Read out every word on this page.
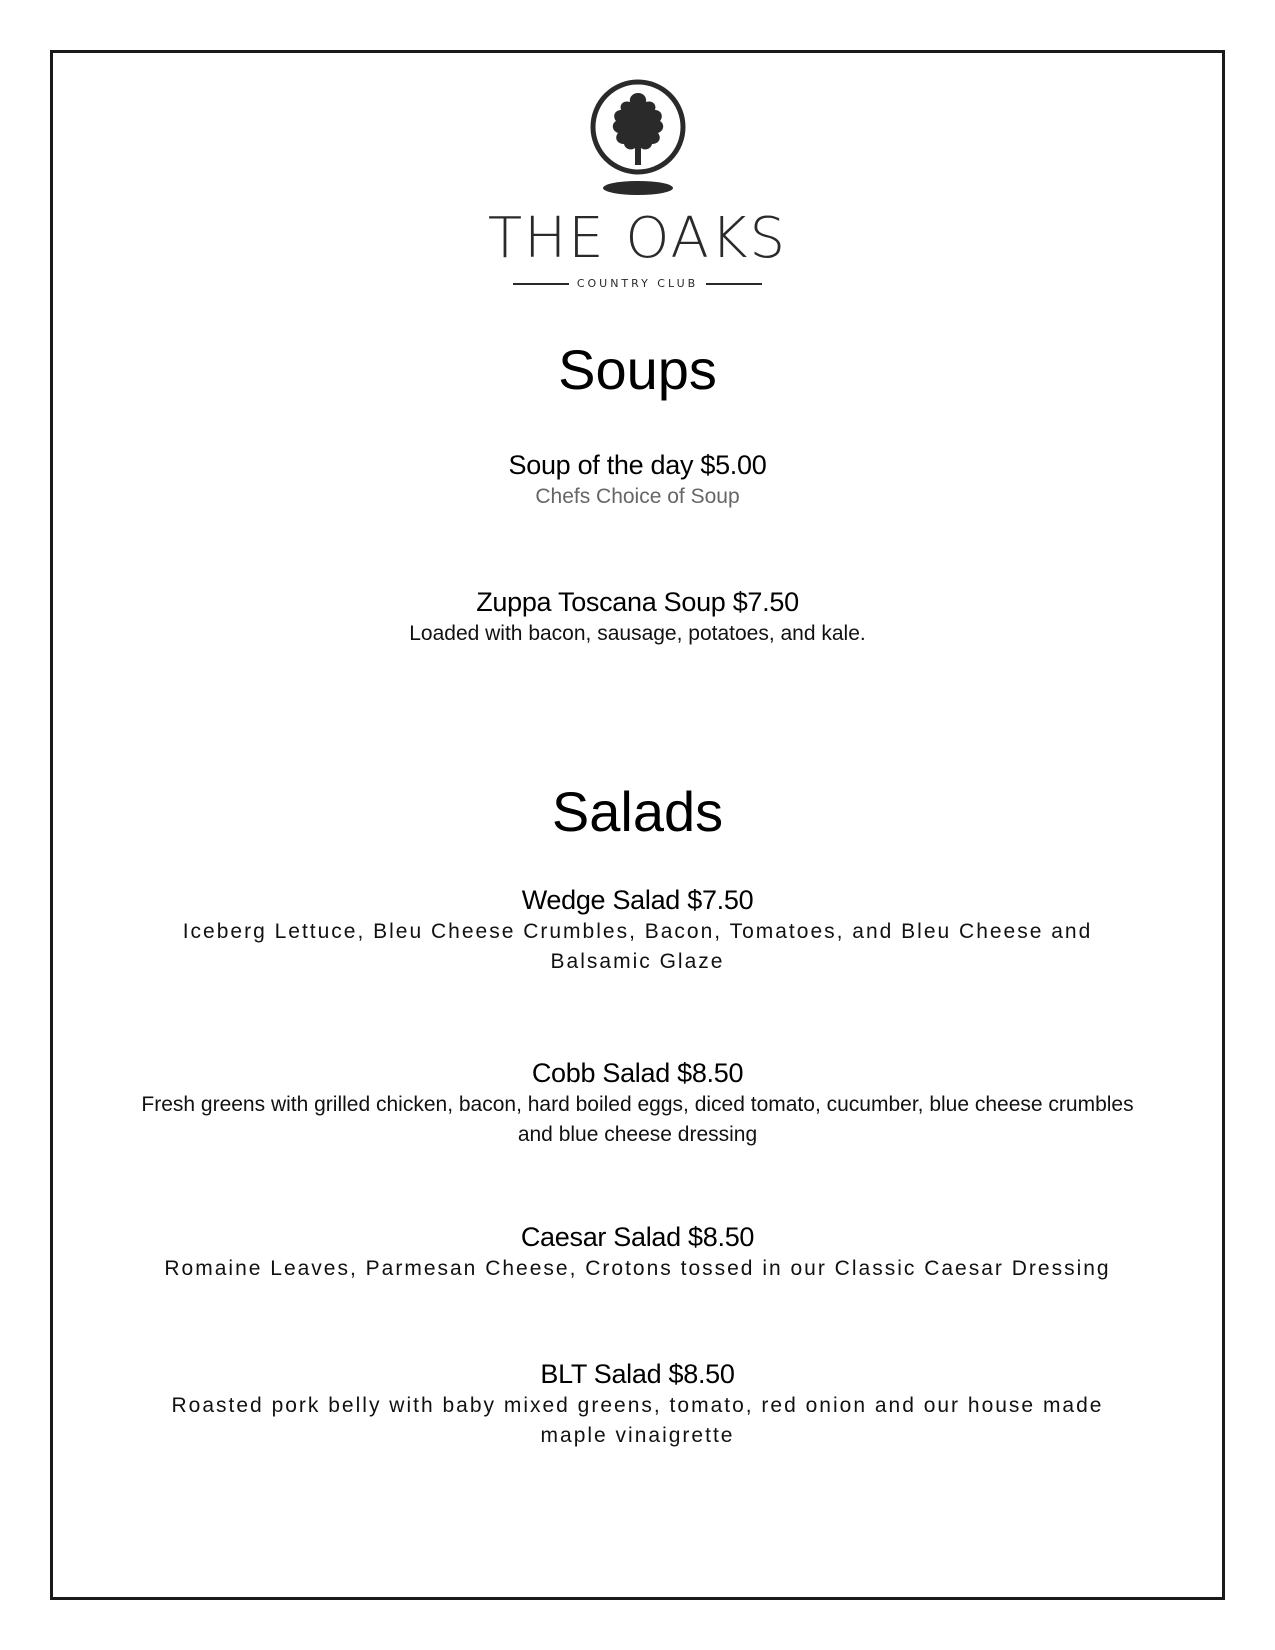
THE OAKS
COUNTRY CLUB
Soups
Soup of the day $5.00
Chefs Choice of Soup
Zuppa Toscana Soup $7.50
Loaded with bacon, sausage, potatoes, and kale.
Salads
Wedge Salad $7.50
Iceberg Lettuce, Bleu Cheese Crumbles, Bacon, Tomatoes, and Bleu Cheese and Balsamic Glaze
Cobb Salad $8.50
Fresh greens with grilled chicken, bacon, hard boiled eggs, diced tomato, cucumber, blue cheese crumbles and blue cheese dressing
Caesar Salad $8.50
Romaine Leaves, Parmesan Cheese, Crotons tossed in our Classic Caesar Dressing
BLT Salad $8.50
Roasted pork belly with baby mixed greens, tomato, red onion and our house made maple vinaigrette
